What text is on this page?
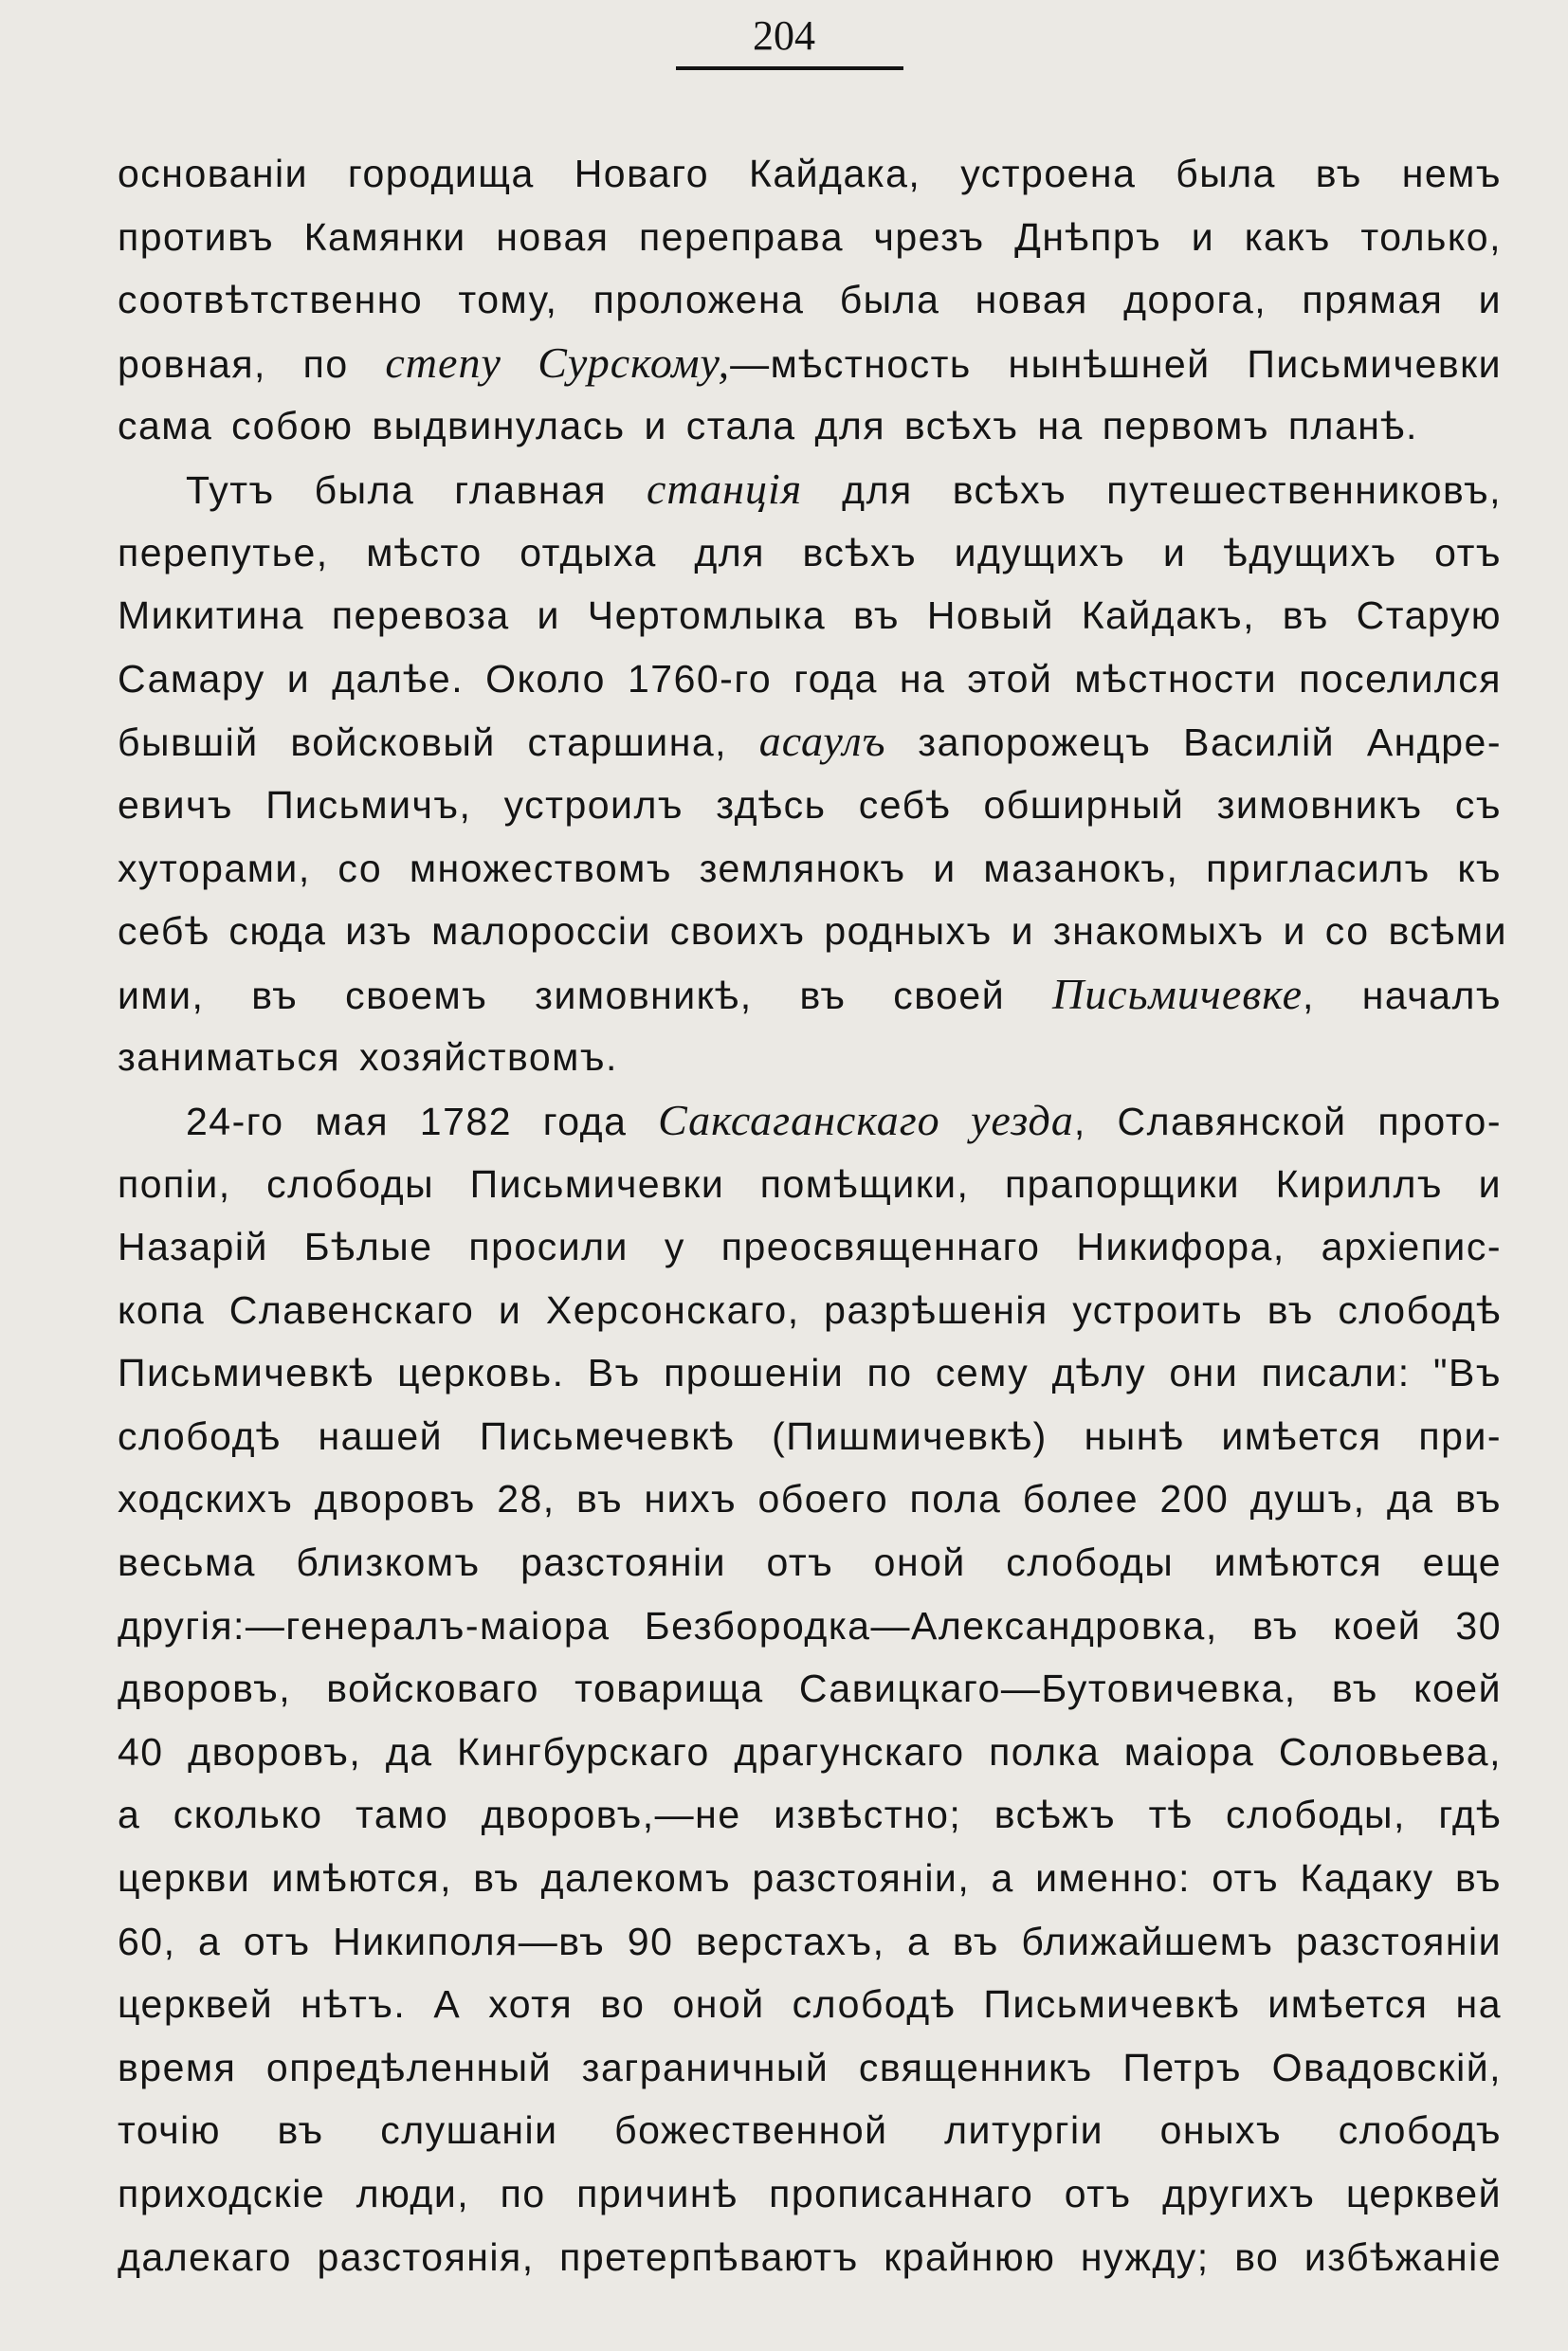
204
основаніи городища Новаго Кайдака, устроена была въ немъ
противъ Камянки новая переправа чрезъ Днѣпръ и какъ только,
соотвѣтственно тому, проложена была новая дорога, прямая и
ровная, по степу Сурскому,—мѣстность нынѣшней Письмичевки
сама собою выдвинулась и стала для всѣхъ на первомъ планѣ.
Тутъ была главная станція для всѣхъ путешественниковъ,
перепутье, мѣсто отдыха для всѣхъ идущихъ и ѣдущихъ отъ
Микитина перевоза и Чертомлыка въ Новый Кайдакъ, въ Старую
Самару и далѣе. Около 1760-го года на этой мѣстности поселился
бывшій войсковый старшина, асаулъ запорожецъ Василій Андре-
евичъ Письмичъ, устроилъ здѣсь себѣ обширный зимовникъ съ
хуторами, со множествомъ землянокъ и мазанокъ, пригласилъ къ
себѣ сюда изъ малороссіи своихъ родныхъ и знакомыхъ и со всѣми
ими, въ своемъ зимовникѣ, въ своей Письмичевке, началъ
заниматься хозяйствомъ.
24-го мая 1782 года Саксаганскаго уезда, Славянской прото-
попіи, слободы Письмичевки помѣщики, прапорщики Кириллъ и
Назарій Бѣлые просили у преосвященнаго Никифора, архіепис-
копа Славенскаго и Херсонскаго, разрѣшенія устроить въ слободѣ
Письмичевкѣ церковь. Въ прошеніи по сему дѣлу они писали: "Въ
слободѣ нашей Письмечевкѣ (Пишмичевкѣ) нынѣ имѣется при-
ходскихъ дворовъ 28, въ нихъ обоего пола более 200 душъ, да въ
весьма близкомъ разстояніи отъ оной слободы имѣются еще
другія:—генералъ-маіора Безбородка—Александровка, въ коей 30
дворовъ, войсковаго товарища Савицкаго—Бутовичевка, въ коей
40 дворовъ, да Кингбурскаго драгунскаго полка маіора Соловьева,
а сколько тамо дворовъ,—не извѣстно; всѣжъ тѣ слободы, гдѣ
церкви имѣются, въ далекомъ разстояніи, а именно: отъ Кадаку въ
60, а отъ Никиполя—въ 90 верстахъ, а въ ближайшемъ разстояніи
церквей нѣтъ. А хотя во оной слободѣ Письмичевкѣ имѣется на
время опредѣленный заграничный священникъ Петръ Овадовскій,
точію въ слушаніи божественной литургіи оныхъ слободъ
приходскіе люди, по причинѣ прописаннаго отъ другихъ церквей
далекаго разстоянія, претерпѣваютъ крайнюю нужду; во избѣжаніе
